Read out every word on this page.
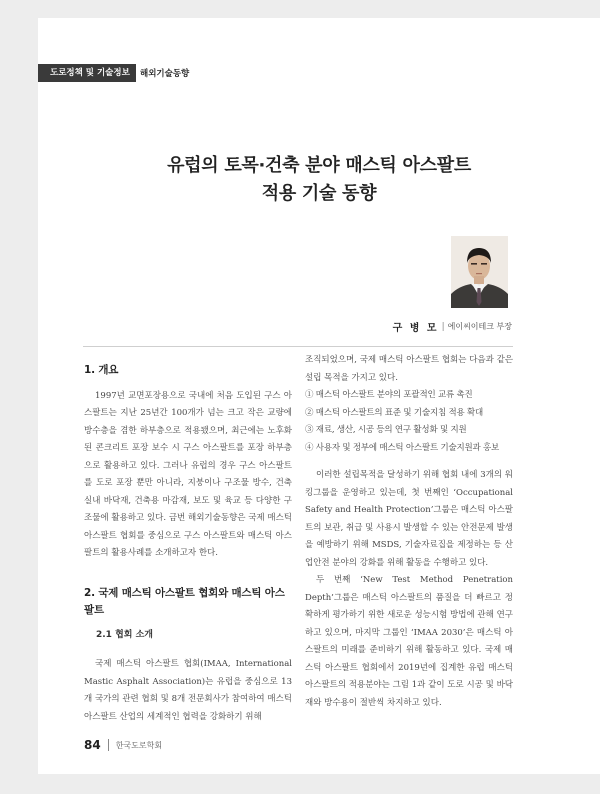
도로정책 및 기술정보	해외기술동향
유럽의 토목·건축 분야 매스틱 아스팔트
적용 기술 동향
구 병 모 | 에이씨이테크 부장
1. 개요

1997년 교면포장용으로 국내에 처음 도입된 구스 아스팔트는 지난 25년간 100개가 넘는 크고 작은 교량에 방수층을 겸한 하부층으로 적용됐으며, 최근에는 노후화된 콘크리트 포장 보수 시 구스 아스팔트를 포장 하부층으로 활용하고 있다. 그러나 유럽의 경우 구스 아스팔트를 도로 포장 뿐만 아니라, 지붕이나 구조물 방수, 건축 실내 바닥재, 건축용 마감재, 보도 및 육교 등 다양한 구조물에 활용하고 있다. 금번 해외기술동향은 국제 매스틱 아스팔트 협회를 중심으로 구스 아스팔트와 매스틱 아스팔트의 활용사례를 소개하고자 한다.

2. 국제 매스틱 아스팔트 협회와 매스틱 아스팔트
2.1 협회 소개

국제 매스틱 아스팔트 협회(IMAA, International Mastic Asphalt Association)는 유럽을 중심으로 13개 국가의 관련 협회 및 8개 전문회사가 참여하여 매스틱 아스팔트 산업의 세계적인 협력을 강화하기 위해

조직되었으며, 국제 매스틱 아스팔트 협회는 다음과 같은 설립 목적을 가지고 있다.

① 매스틱 아스팔트 분야의 포괄적인 교류 촉진
② 매스틱 아스팔트의 표준 및 기술지침 적용 확대
③ 재료, 생산, 시공 등의 연구 활성화 및 지원
④ 사용자 및 정부에 매스틱 아스팔트 기술지원과 홍보

이러한 설립목적을 달성하기 위해 협회 내에 3개의 워킹그룹을 운영하고 있는데, 첫 번째인 ‘Occupational Safety and Health Protection’그룹은 매스틱 아스팔트의 보관, 취급 및 사용시 발생할 수 있는 안전문제 발생을 예방하기 위해 MSDS, 기술자료집을 제정하는 등 산업안전 분야의 강화를 위해 활동을 수행하고 있다.

두 번째 ‘New Test Method Penetration Depth’그룹은 매스틱 아스팔트의 품질을 더 빠르고 정확하게 평가하기 위한 새로운 성능시험 방법에 관해 연구하고 있으며, 마지막 그룹인 ‘IMAA 2030’은 매스틱 아스팔트의 미래를 준비하기 위해 활동하고 있다. 국제 매스틱 아스팔트 협회에서 2019년에 집계한 유럽 매스틱 아스팔트의 적용분야는 그림 1과 같이 도로 시공 및 바닥재와 방수용이 절반씩 차지하고 있다.

84 한국도로학회
